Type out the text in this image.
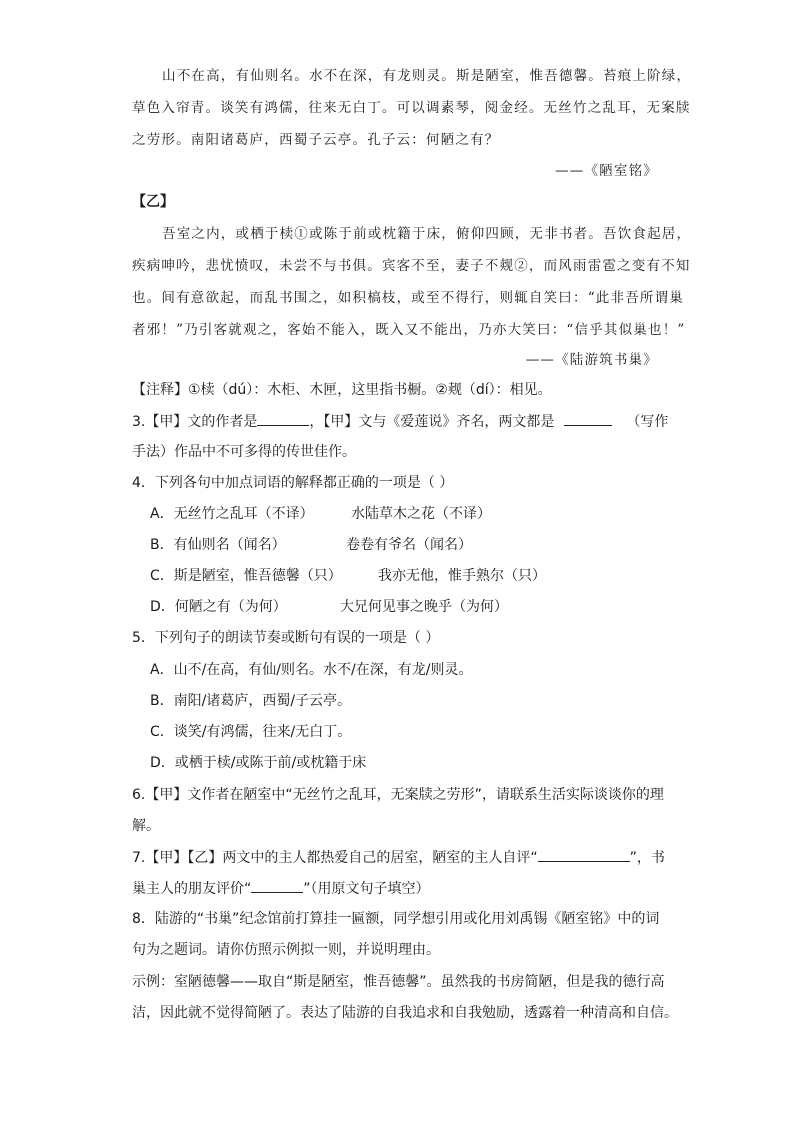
山不在高，有仙则名。水不在深，有龙则灵。斯是陋室，惟吾德馨。苔痕上阶绿，
草色入帘青。谈笑有鸿儒，往来无白丁。可以调素琴，阅金经。无丝竹之乱耳，无案牍
之劳形。南阳诸葛庐，西蜀子云亭。孔子云：何陋之有？
——《陋室铭》
【乙】
吾室之内，或栖于椟①或陈于前或枕籍于床，俯仰四顾，无非书者。吾饮食起居，
疾病呻吟，悲忧愤叹，未尝不与书俱。宾客不至，妻子不觌②，而风雨雷雹之变有不知
也。间有意欲起，而乱书围之，如积槁枝，或至不得行，则辄自笑曰：“此非吾所谓巢
者邪！”乃引客就观之，客始不能入，既入又不能出，乃亦大笑曰：“信乎其似巢也！”
——《陆游筑书巢》
【注释】①椟（dú）：木柜、木匣，这里指书橱。②觌（dí）：相见。
3.【甲】文的作者是	，【甲】文与《爱莲说》齐名，两文都是	（写作
手法）作品中不可多得的传世佳作。
4．下列各句中加点词语的解释都正确的一项是（ ）
A．无丝竹之乱耳（不译）	水陆草木之花（不译）
B．有仙则名（闻名）	卷卷有爷名（闻名）
C．斯是陋室，惟吾德馨（只）	我亦无他，惟手熟尔（只）
D．何陋之有（为何）	大兄何见事之晚乎（为何）
5．下列句子的朗读节奏或断句有误的一项是（ ）
A．山不/在高，有仙/则名。水不/在深，有龙/则灵。
B．南阳/诸葛庐，西蜀/子云亭。
C．谈笑/有鸿儒，往来/无白丁。
D．或栖于椟/或陈于前/或枕籍于床
6.【甲】文作者在陋室中“无丝竹之乱耳，无案牍之劳形”，请联系生活实际谈谈你的理
解。
7.【甲】【乙】两文中的主人都热爱自己的居室，陋室的主人自评“	”，书
巢主人的朋友评价“	”（用原文句子填空）
8．陆游的“书巢”纪念馆前打算挂一匾额，同学想引用或化用刘禹锡《陋室铭》中的词
句为之题词。请你仿照示例拟一则，并说明理由。
示例：室陋德馨——取自“斯是陋室，惟吾德馨”。虽然我的书房简陋，但是我的德行高
洁，因此就不觉得简陋了。表达了陆游的自我追求和自我勉励，透露着一种清高和自信。
